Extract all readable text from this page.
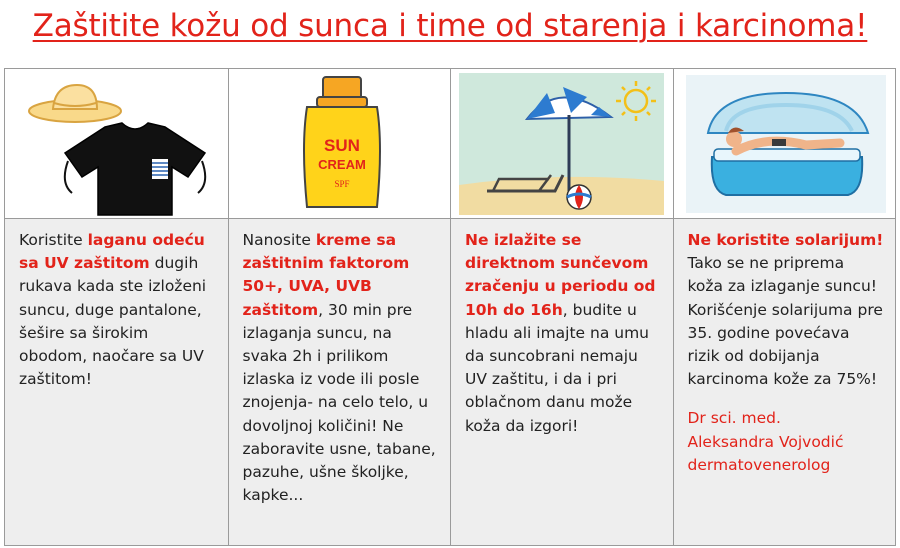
Zaštitite kožu od sunca i time od starenja i karcinoma!
Koristite laganu odeću sa UV zaštitom dugih rukava kada ste izloženi suncu, duge pantalone, šešire sa širokim obodom, naočare sa UV zaštitom!
SUN
CREAM
SPF
Nanosite kreme sa zaštitnim faktorom 50+, UVA, UVB zaštitom, 30 min pre izlaganja suncu, na svaka 2h i prilikom izlaska iz vode ili posle znojenja- na celo telo, u dovoljnoj količini! Ne zaboravite usne, tabane, pazuhe, ušne školjke, kapke...
Ne izlažite se direktnom sunčevom zračenju u periodu od 10h do 16h, budite u hladu ali imajte na umu da suncobrani nemaju UV zaštitu, i da i pri oblačnom danu može koža da izgori!
Ne koristite solarijum! Tako se ne priprema koža za izlaganje suncu! Korišćenje solarijuma pre 35. godine povećava rizik od dobijanja karcinoma kože za 75%!
Dr sci. med.
Aleksandra Vojvodić
dermatovenerolog
